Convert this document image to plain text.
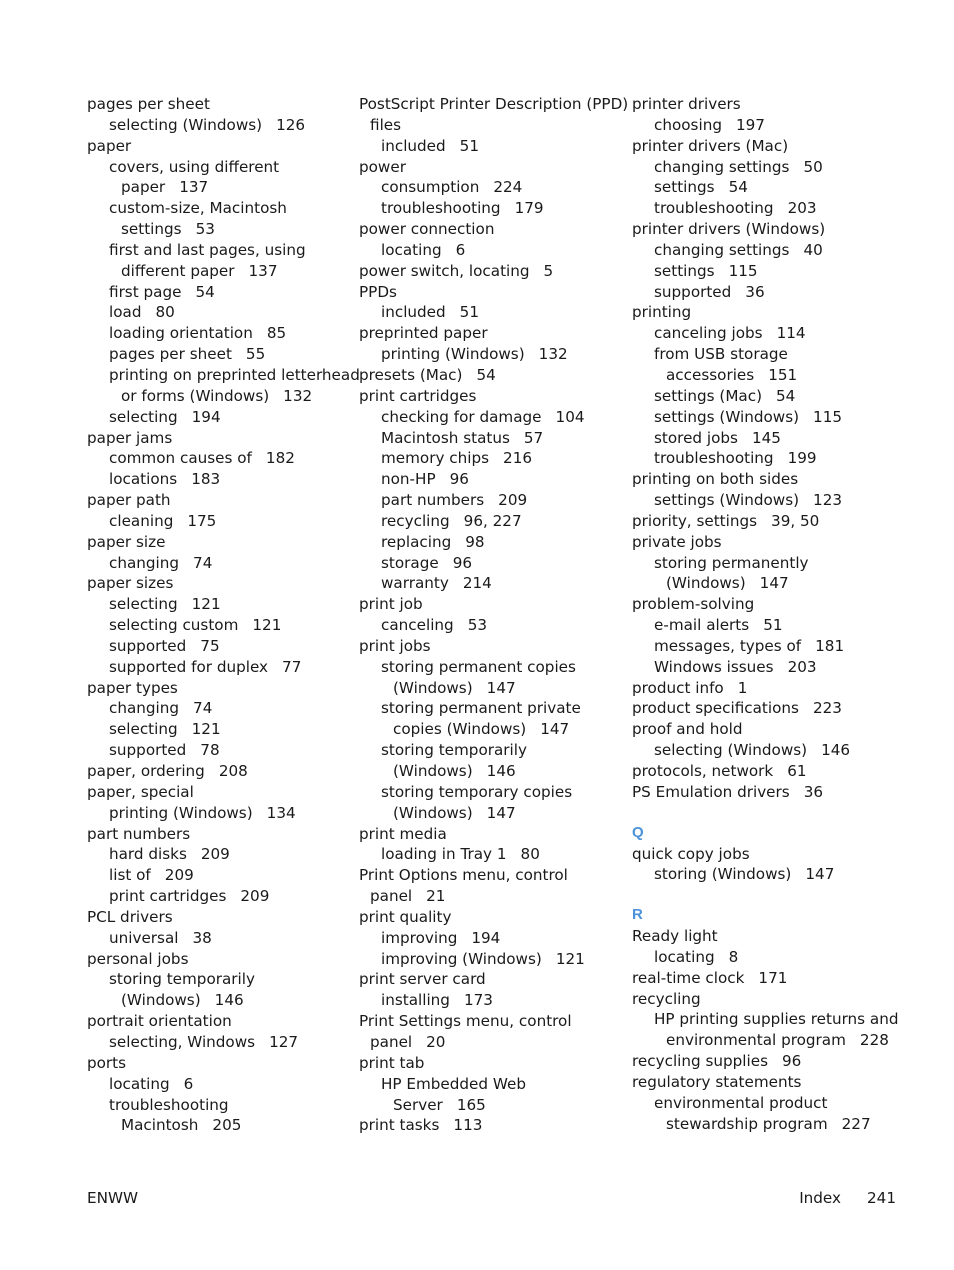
pages per sheet
selecting (Windows) 126
paper
covers, using different
paper 137
custom-size, Macintosh
settings 53
first and last pages, using
different paper 137
first page 54
load 80
loading orientation 85
pages per sheet 55
printing on preprinted letterhead
or forms (Windows) 132
selecting 194
paper jams
common causes of 182
locations 183
paper path
cleaning 175
paper size
changing 74
paper sizes
selecting 121
selecting custom 121
supported 75
supported for duplex 77
paper types
changing 74
selecting 121
supported 78
paper, ordering 208
paper, special
printing (Windows) 134
part numbers
hard disks 209
list of 209
print cartridges 209
PCL drivers
universal 38
personal jobs
storing temporarily
(Windows) 146
portrait orientation
selecting, Windows 127
ports
locating 6
troubleshooting
Macintosh 205
PostScript Printer Description (PPD)
files
included 51
power
consumption 224
troubleshooting 179
power connection
locating 6
power switch, locating 5
PPDs
included 51
preprinted paper
printing (Windows) 132
presets (Mac) 54
print cartridges
checking for damage 104
Macintosh status 57
memory chips 216
non-HP 96
part numbers 209
recycling 96, 227
replacing 98
storage 96
warranty 214
print job
canceling 53
print jobs
storing permanent copies
(Windows) 147
storing permanent private
copies (Windows) 147
storing temporarily
(Windows) 146
storing temporary copies
(Windows) 147
print media
loading in Tray 1 80
Print Options menu, control
panel 21
print quality
improving 194
improving (Windows) 121
print server card
installing 173
Print Settings menu, control
panel 20
print tab
HP Embedded Web
Server 165
print tasks 113
printer drivers
choosing 197
printer drivers (Mac)
changing settings 50
settings 54
troubleshooting 203
printer drivers (Windows)
changing settings 40
settings 115
supported 36
printing
canceling jobs 114
from USB storage
accessories 151
settings (Mac) 54
settings (Windows) 115
stored jobs 145
troubleshooting 199
printing on both sides
settings (Windows) 123
priority, settings 39, 50
private jobs
storing permanently
(Windows) 147
problem-solving
e-mail alerts 51
messages, types of 181
Windows issues 203
product info 1
product specifications 223
proof and hold
selecting (Windows) 146
protocols, network 61
PS Emulation drivers 36
Q
quick copy jobs
storing (Windows) 147
R
Ready light
locating 8
real-time clock 171
recycling
HP printing supplies returns and
environmental program 228
recycling supplies 96
regulatory statements
environmental product
stewardship program 227
ENWW	Index 241
